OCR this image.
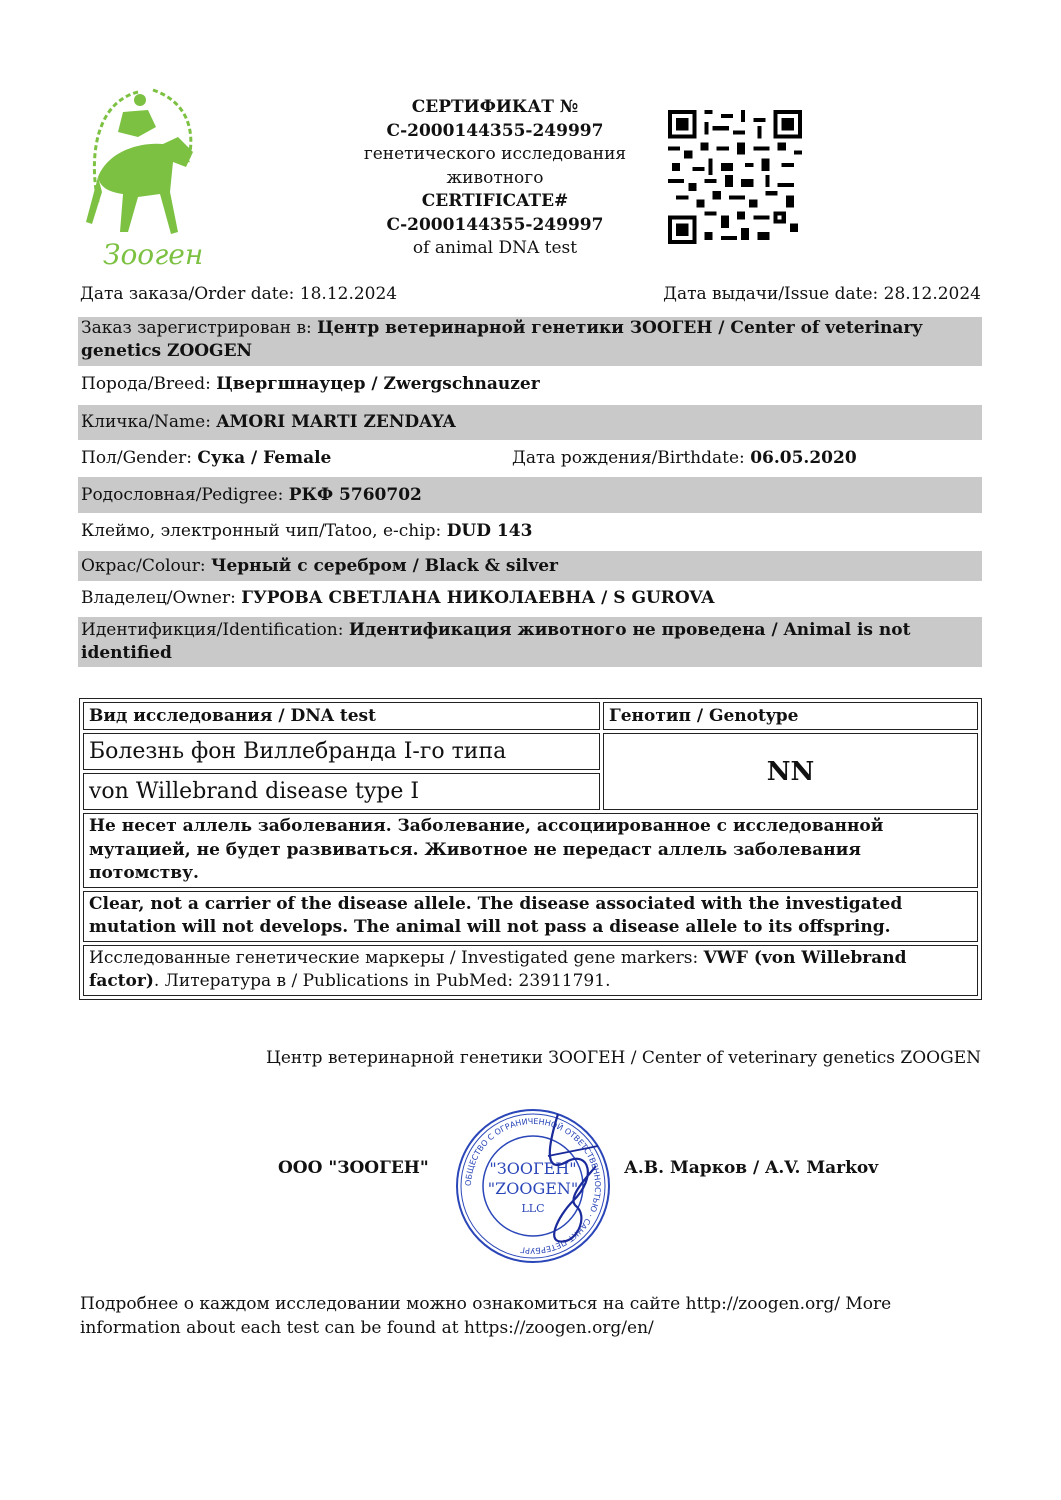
Зооген
СЕРТИФИКАТ №
C-2000144355-249997
генетического исследования
животного
CERTIFICATE#
C-2000144355-249997
of animal DNA test
Дата заказа/Order date: 18.12.2024	Дата выдачи/Issue date: 28.12.2024
Заказ зарегистрирован в: Центр ветеринарной генетики ЗООГЕН / Center of veterinary genetics ZOOGEN
Порода/Breed: Цвергшнауцер / Zwergschnauzer
Кличка/Name: AMORI MARTI ZENDAYA
Пол/Gender: Сука / Female	Дата рождения/Birthdate: 06.05.2020
Родословная/Pedigree: РКФ 5760702
Клеймо, электронный чип/Tatoo, e-chip: DUD 143
Окрас/Colour: Черный с серебром / Black & silver
Владелец/Owner: ГУРОВА СВЕТЛАНА НИКОЛАЕВНА / S GUROVA
Идентификция/Identification: Идентификация животного не проведена / Animal is not identified
Вид исследования / DNA test	Генотип / Genotype
Болезнь фон Виллебранда I-го типа	NN
von Willebrand disease type I	
Не несет аллель заболевания. Заболевание, ассоциированное с исследованной мутацией, не будет развиваться. Животное не передаст аллель заболевания потомству.	
Clear, not a carrier of the disease allele. The disease associated with the investigated mutation will not develops. The animal will not pass a disease allele to its offspring.	
Исследованные генетические маркеры / Investigated gene markers: VWF (von Willebrand factor). Литература в / Publications in PubMed: 23911791.	
Центр ветеринарной генетики ЗООГЕН / Center of veterinary genetics ZOOGEN
ООО "ЗООГЕН"
ОБЩЕСТВО С ОГРАНИЧЕННОЙ ОТВЕТСТВЕННОСТЬЮ · САНКТ-ПЕТЕРБУРГ
"ЗООГЕН"
"ZOOGEN"
LLC
А.В. Марков / A.V. Markov
Подробнее о каждом исследовании можно ознакомиться на сайте http://zoogen.org/ More information about each test can be found at https://zoogen.org/en/
